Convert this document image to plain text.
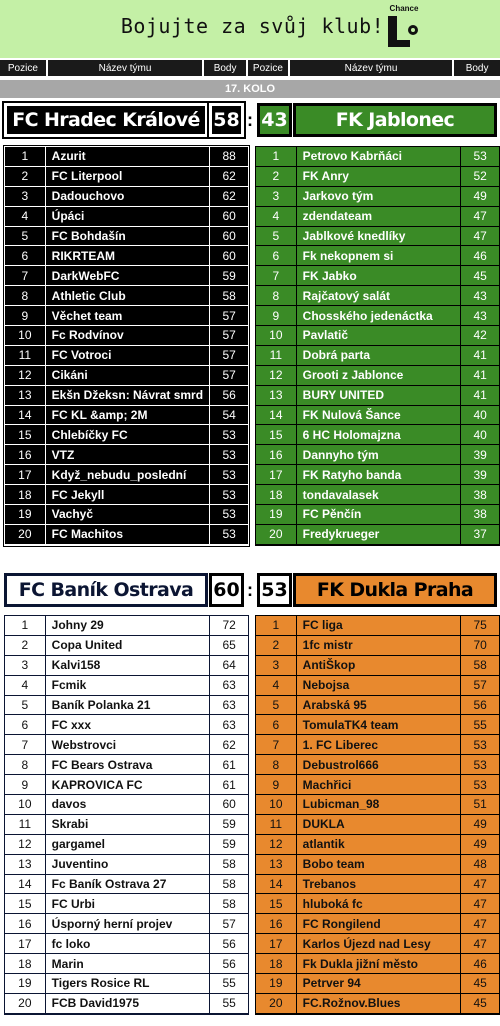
Bojujte za svůj klub!
Chance
Pozice	Název týmu	Body	Pozice	Název týmu	Body
17. KOLO
FC Hradec Králové 58 : 43	FK Jablonec
1	Azurit	88
2	FC Literpool	62
3	Dadouchovo	62
4	Úpáci	60
5	FC Bohdašín	60
6	RIKRTEAM	60
7	DarkWebFC	59
8	Athletic Club	58
9	Věchet team	57
10	Fc Rodvínov	57
11	FC Votroci	57
12	Cikáni	57
13	Ekšn Džeksn: Návrat smrd	56
14	FC KL &amp; 2M	54
15	Chlebíčky FC	53
16	VTZ	53
17	Když_nebudu_poslední	53
18	FC Jekyll	53
19	Vachyč	53
20	FC Machitos	53
1	Petrovo Kabrňáci	53
2	FK Anry	52
3	Jarkovo tým	49
4	zdendateam	47
5	Jablkové knedlíky	47
6	Fk nekopnem si	46
7	FK Jabko	45
8	Rajčatový salát	43
9	Chosského jedenáctka	43
10	Pavlatič	42
11	Dobrá parta	41
12	Grooti z Jablonce	41
13	BURY UNITED	41
14	FK Nulová Šance	40
15	6 HC Holomajzna	40
16	Dannyho tým	39
17	FK Ratyho banda	39
18	tondavalasek	38
19	FC Pěnčín	38
20	Fredykrueger	37
FC Baník Ostrava	60 : 53	FK Dukla Praha
1	Johny 29	72
2	Copa United	65
3	Kalvi158	64
4	Fcmik	63
5	Baník Polanka 21	63
6	FC xxx	63
7	Webstrovci	62
8	FC Bears Ostrava	61
9	KAPROVICA FC	61
10	davos	60
11	Skrabi	59
12	gargamel	59
13	Juventino	58
14	Fc Baník Ostrava 27	58
15	FC Urbi	58
16	Úsporný herní projev	57
17	fc loko	56
18	Marin	56
19	Tigers Rosice RL	55
20	FCB David1975	55
1	FC liga	75
2	1fc mistr	70
3	AntiŠkop	58
4	Nebojsa	57
5	Arabská 95	56
6	TomulaTK4 team	55
7	1. FC Liberec	53
8	Debustrol666	53
9	Machřici	53
10	Lubicman_98	51
11	DUKLA	49
12	atlantik	49
13	Bobo team	48
14	Trebanos	47
15	hluboká fc	47
16	FC Rongilend	47
17	Karlos Újezd nad Lesy	47
18	Fk Dukla jižní město	46
19	Petrver 94	45
20	FC.Rožnov.Blues	45
